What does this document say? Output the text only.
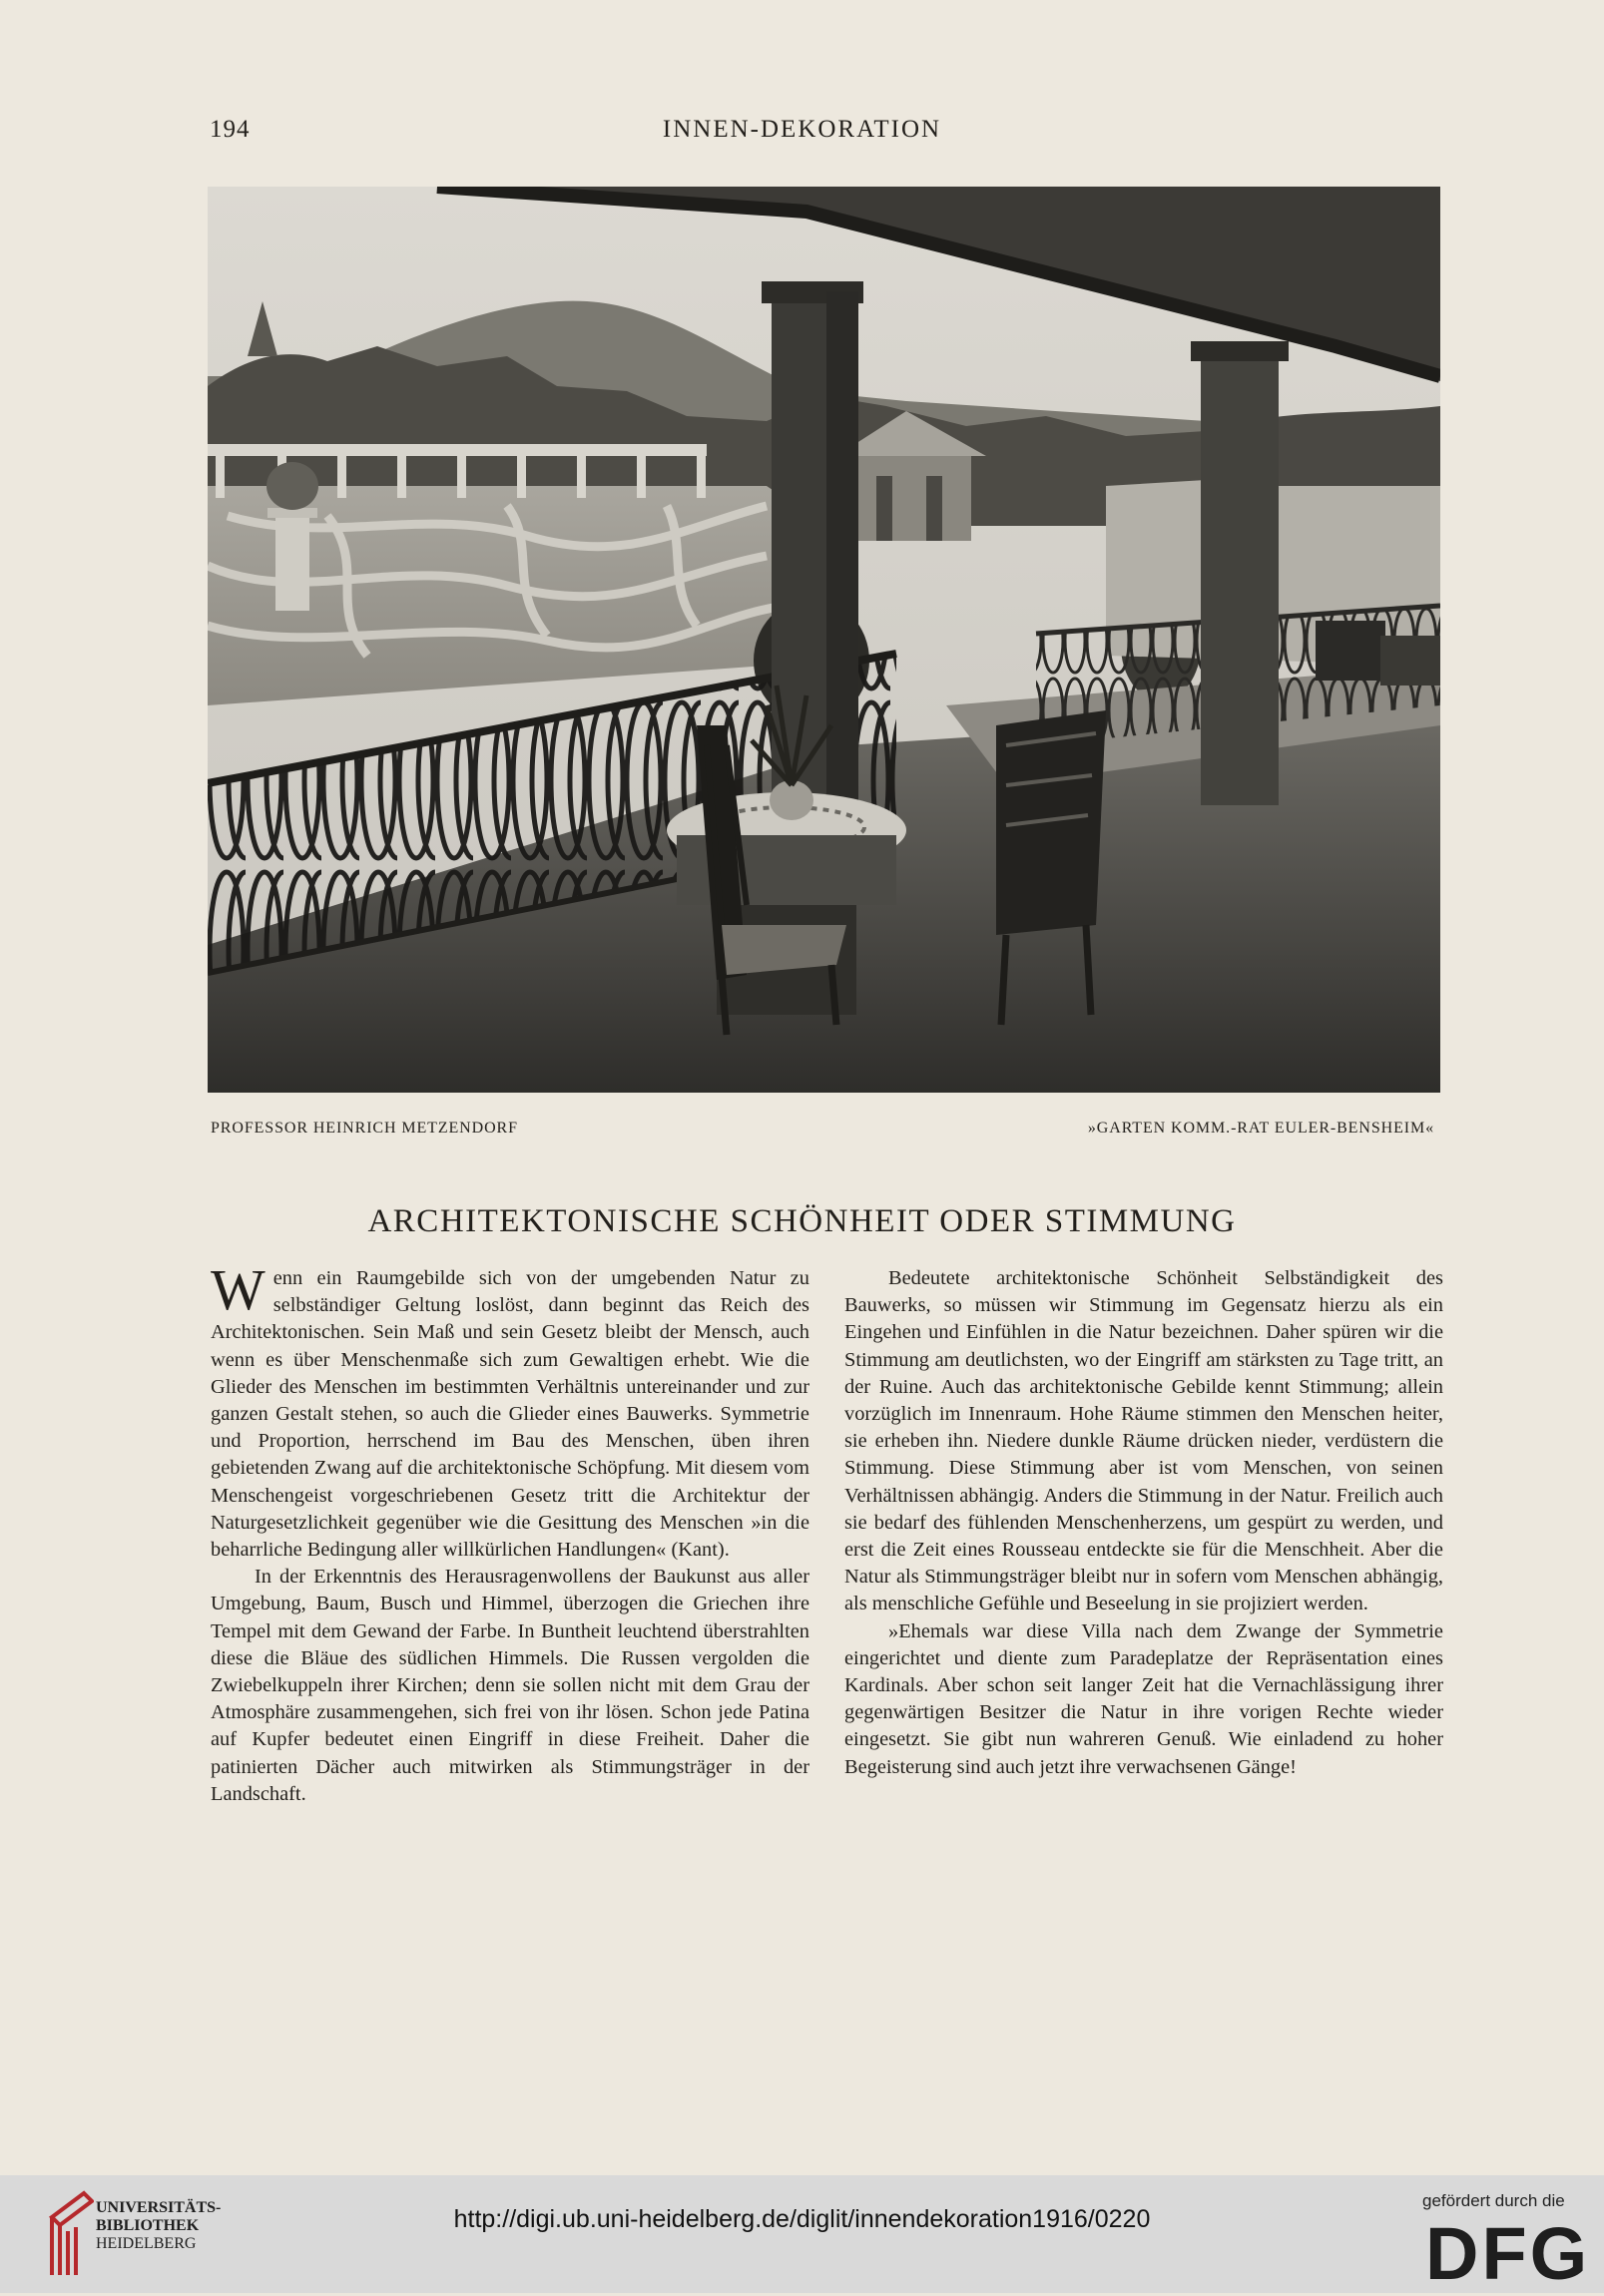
194	INNEN-DEKORATION
PROFESSOR HEINRICH METZENDORF	»GARTEN KOMM.-RAT EULER-BENSHEIM«
ARCHITEKTONISCHE SCHÖNHEIT ODER STIMMUNG

Wenn ein Raumgebilde sich von der umgebenden Natur zu selbständiger Geltung loslöst, dann beginnt das Reich des Architektonischen. Sein Maß und sein Gesetz bleibt der Mensch, auch wenn es über Menschenmaße sich zum Gewaltigen erhebt. Wie die Glieder des Menschen im bestimmten Verhältnis untereinander und zur ganzen Gestalt stehen, so auch die Glieder eines Bauwerks. Symmetrie und Proportion, herrschend im Bau des Menschen, üben ihren gebietenden Zwang auf die architektonische Schöpfung. Mit diesem vom Menschengeist vorgeschriebenen Gesetz tritt die Architektur der Naturgesetzlichkeit gegenüber wie die Gesittung des Menschen »in die beharrliche Bedingung aller willkürlichen Handlungen« (Kant).

In der Erkenntnis des Herausragenwollens der Baukunst aus aller Umgebung, Baum, Busch und Himmel, überzogen die Griechen ihre Tempel mit dem Gewand der Farbe. In Buntheit leuchtend überstrahlten diese die Bläue des südlichen Himmels. Die Russen vergolden die Zwiebelkuppeln ihrer Kirchen; denn sie sollen nicht mit dem Grau der Atmosphäre zusammengehen, sich frei von ihr lösen. Schon jede Patina auf Kupfer bedeutet einen Eingriff in diese Freiheit. Daher die patinierten Dächer auch mitwirken als Stimmungsträger in der Landschaft.

Bedeutete architektonische Schönheit Selbständigkeit des Bauwerks, so müssen wir Stimmung im Gegensatz hierzu als ein Eingehen und Einfühlen in die Natur bezeichnen. Daher spüren wir die Stimmung am deutlichsten, wo der Eingriff am stärksten zu Tage tritt, an der Ruine. Auch das architektonische Gebilde kennt Stimmung; allein vorzüglich im Innenraum. Hohe Räume stimmen den Menschen heiter, sie erheben ihn. Niedere dunkle Räume drücken nieder, verdüstern die Stimmung. Diese Stimmung aber ist vom Menschen, von seinen Verhältnissen abhängig. Anders die Stimmung in der Natur. Freilich auch sie bedarf des fühlenden Menschenherzens, um gespürt zu werden, und erst die Zeit eines Rousseau entdeckte sie für die Menschheit. Aber die Natur als Stimmungsträger bleibt nur in sofern vom Menschen abhängig, als menschliche Gefühle und Beseelung in sie projiziert werden.

»Ehemals war diese Villa nach dem Zwange der Symmetrie eingerichtet und diente zum Paradeplatze der Repräsentation eines Kardinals. Aber schon seit langer Zeit hat die Vernachlässigung ihrer gegenwärtigen Besitzer die Natur in ihre vorigen Rechte wieder eingesetzt. Sie gibt nun wahreren Genuß. Wie einladend zu hoher Begeisterung sind auch jetzt ihre verwachsenen Gänge!

UNIVERSITÄTS-
BIBLIOTHEK
HEIDELBERG
http://digi.ub.uni-heidelberg.de/diglit/innendekoration1916/0220
gefördert durch die
DFG
